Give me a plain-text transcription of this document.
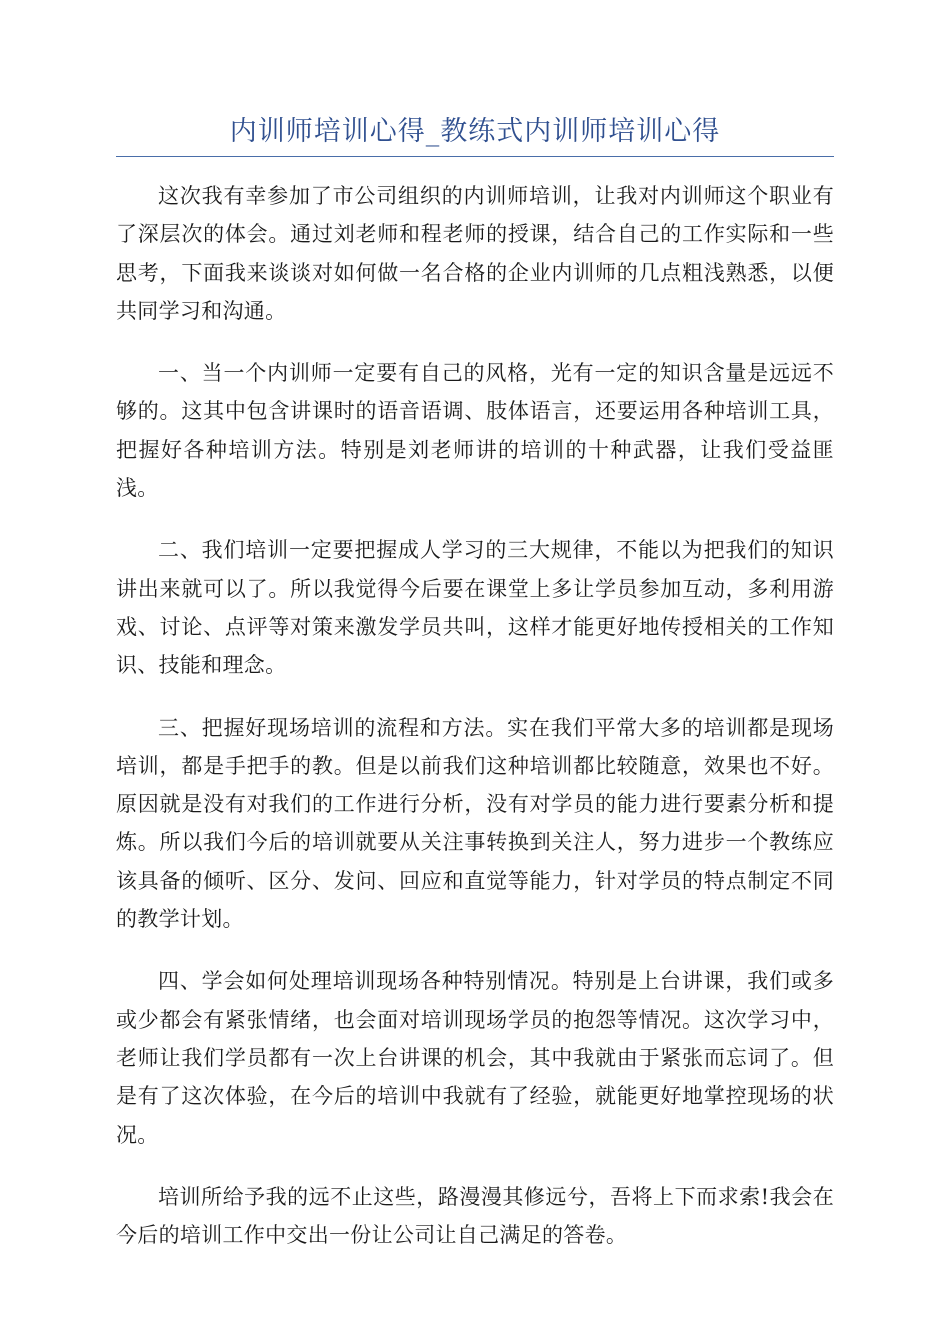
内训师培训心得_教练式内训师培训心得

这次我有幸参加了市公司组织的内训师培训，让我对内训师这个职业有了深层次的体会。通过刘老师和程老师的授课，结合自己的工作实际和一些思考，下面我来谈谈对如何做一名合格的企业内训师的几点粗浅熟悉，以便共同学习和沟通。

一、当一个内训师一定要有自己的风格，光有一定的知识含量是远远不够的。这其中包含讲课时的语音语调、肢体语言，还要运用各种培训工具，把握好各种培训方法。特别是刘老师讲的培训的十种武器，让我们受益匪浅。

二、我们培训一定要把握成人学习的三大规律，不能以为把我们的知识讲出来就可以了。所以我觉得今后要在课堂上多让学员参加互动，多利用游戏、讨论、点评等对策来激发学员共叫，这样才能更好地传授相关的工作知识、技能和理念。

三、把握好现场培训的流程和方法。实在我们平常大多的培训都是现场培训，都是手把手的教。但是以前我们这种培训都比较随意，效果也不好。原因就是没有对我们的工作进行分析，没有对学员的能力进行要素分析和提炼。所以我们今后的培训就要从关注事转换到关注人，努力进步一个教练应该具备的倾听、区分、发问、回应和直觉等能力，针对学员的特点制定不同的教学计划。

四、学会如何处理培训现场各种特别情况。特别是上台讲课，我们或多或少都会有紧张情绪，也会面对培训现场学员的抱怨等情况。这次学习中，老师让我们学员都有一次上台讲课的机会，其中我就由于紧张而忘词了。但是有了这次体验，在今后的培训中我就有了经验，就能更好地掌控现场的状况。

培训所给予我的远不止这些，路漫漫其修远兮，吾将上下而求索!我会在今后的培训工作中交出一份让公司让自己满足的答卷。
